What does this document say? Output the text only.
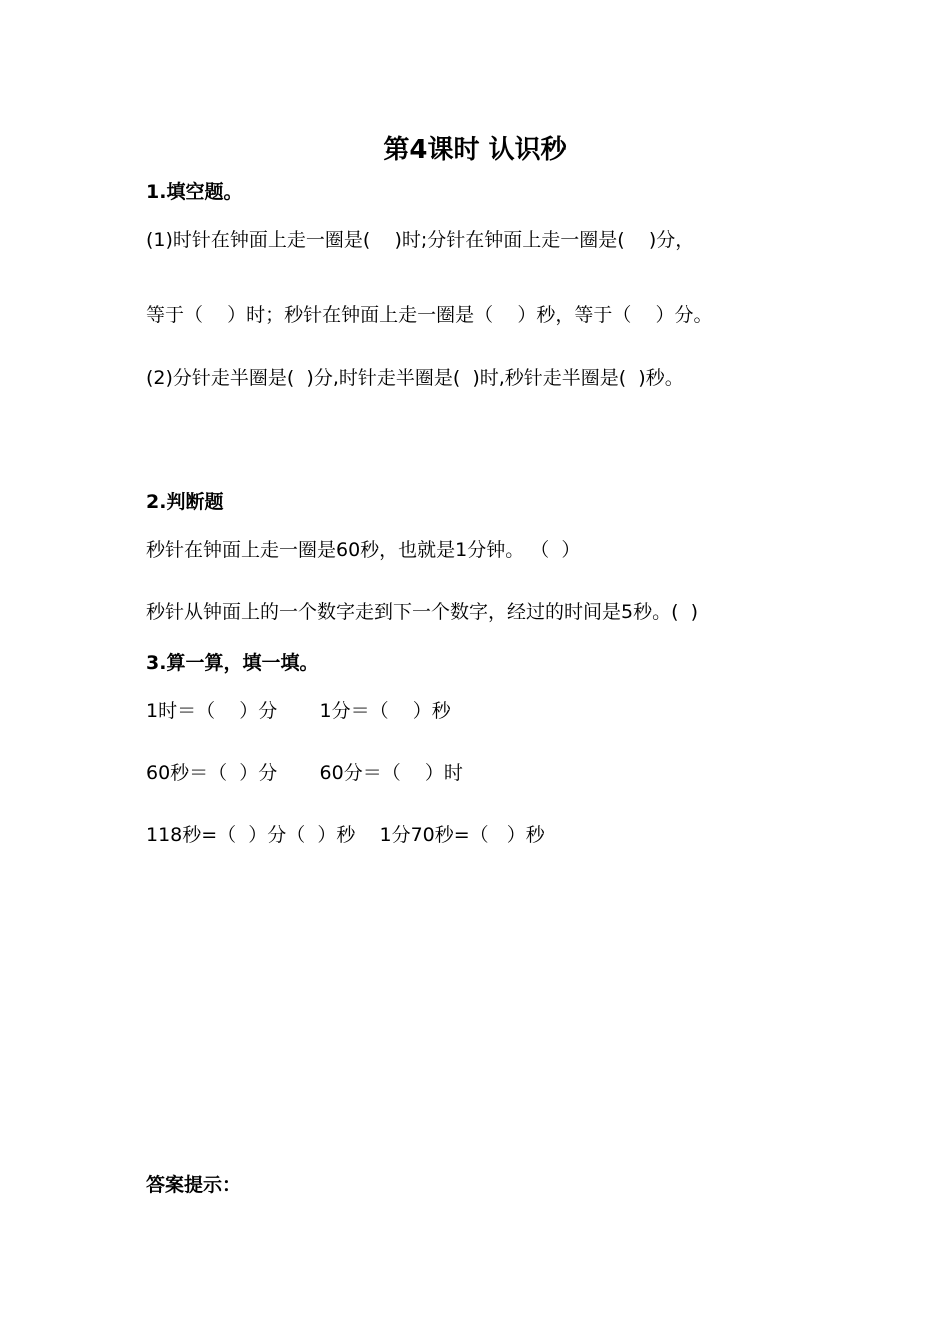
第4课时 认识秒
1.填空题。
(1)时针在钟面上走一圈是(    )时;分针在钟面上走一圈是(    )分，
等于（    ）时；秒针在钟面上走一圈是（    ）秒，等于（    ）分。
(2)分针走半圈是(  )分,时针走半圈是(  )时,秒针走半圈是(  )秒。
2.判断题
秒针在钟面上走一圈是60秒，也就是1分钟。 （  ）
秒针从钟面上的一个数字走到下一个数字，经过的时间是5秒。(  )
3.算一算，填一填。
1时＝（    ）分       1分＝（    ）秒
60秒＝（  ）分       60分＝（    ）时
118秒=（  ）分（  ）秒    1分70秒=（   ）秒
答案提示：
